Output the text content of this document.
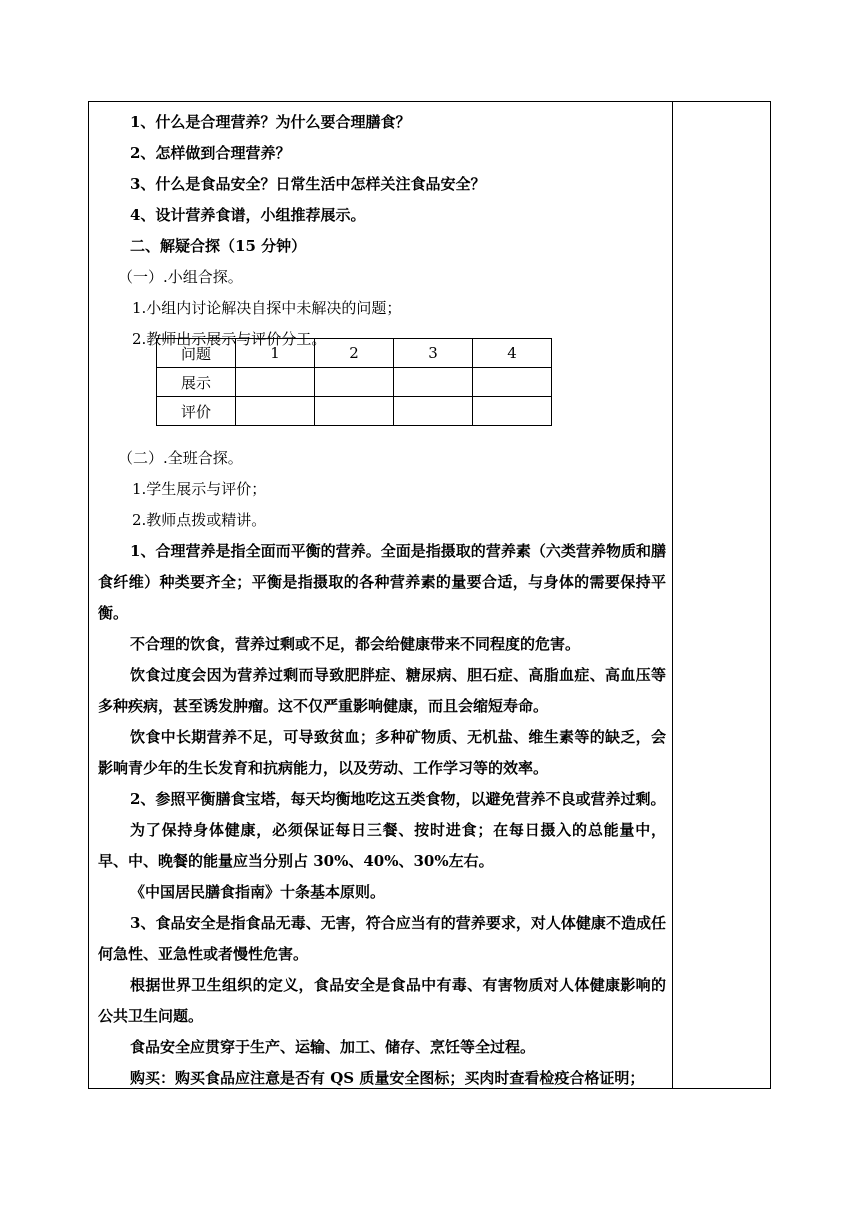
1、什么是合理营养？为什么要合理膳食？
2、怎样做到合理营养？
3、什么是食品安全？日常生活中怎样关注食品安全？
4、设计营养食谱，小组推荐展示。
二、解疑合探（15 分钟）
（一）.小组合探。
1.小组内讨论解决自探中未解决的问题；
2.教师出示展示与评价分工。
（二）.全班合探。
1.学生展示与评价；
2.教师点拨或精讲。
1、合理营养是指全面而平衡的营养。全面是指摄取的营养素（六类营养物质和膳食纤维）种类要齐全；平衡是指摄取的各种营养素的量要合适，与身体的需要保持平衡。
不合理的饮食，营养过剩或不足，都会给健康带来不同程度的危害。
饮食过度会因为营养过剩而导致肥胖症、糖尿病、胆石症、高脂血症、高血压等多种疾病，甚至诱发肿瘤。这不仅严重影响健康，而且会缩短寿命。
饮食中长期营养不足，可导致贫血；多种矿物质、无机盐、维生素等的缺乏，会影响青少年的生长发育和抗病能力，以及劳动、工作学习等的效率。
2、参照平衡膳食宝塔，每天均衡地吃这五类食物，以避免营养不良或营养过剩。
为了保持身体健康，必须保证每日三餐、按时进食；在每日摄入的总能量中，早、中、晚餐的能量应当分别占 30%、40%、30%左右。
《中国居民膳食指南》十条基本原则。
3、食品安全是指食品无毒、无害，符合应当有的营养要求，对人体健康不造成任何急性、亚急性或者慢性危害。
根据世界卫生组织的定义，食品安全是食品中有毒、有害物质对人体健康影响的公共卫生问题。
食品安全应贯穿于生产、运输、加工、储存、烹饪等全过程。
购买：购买食品应注意是否有 QS 质量安全图标；买肉时查看检疫合格证明；
问题	1	2	3	4
展示				
评价				
